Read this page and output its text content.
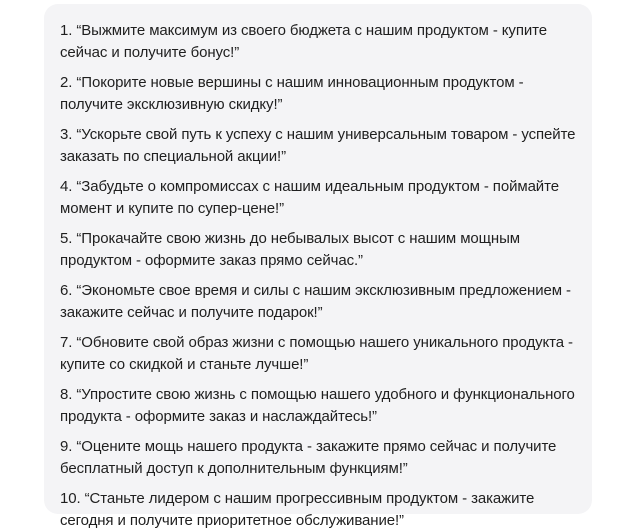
1. “Выжмите максимум из своего бюджета с нашим продуктом - купите сейчас и получите бонус!”
2. “Покорите новые вершины с нашим инновационным продуктом - получите эксклюзивную скидку!”
3. “Ускорьте свой путь к успеху с нашим универсальным товаром - успейте заказать по специальной акции!”
4. “Забудьте о компромиссах с нашим идеальным продуктом - поймайте момент и купите по супер-цене!”
5. “Прокачайте свою жизнь до небывалых высот с нашим мощным продуктом - оформите заказ прямо сейчас.”
6. “Экономьте свое время и силы с нашим эксклюзивным предложением - закажите сейчас и получите подарок!”
7. “Обновите свой образ жизни с помощью нашего уникального продукта - купите со скидкой и станьте лучше!”
8. “Упростите свою жизнь с помощью нашего удобного и функционального продукта - оформите заказ и наслаждайтесь!”
9. “Оцените мощь нашего продукта - закажите прямо сейчас и получите бесплатный доступ к дополнительным функциям!”
10. “Станьте лидером с нашим прогрессивным продуктом - закажите сегодня и получите приоритетное обслуживание!”
